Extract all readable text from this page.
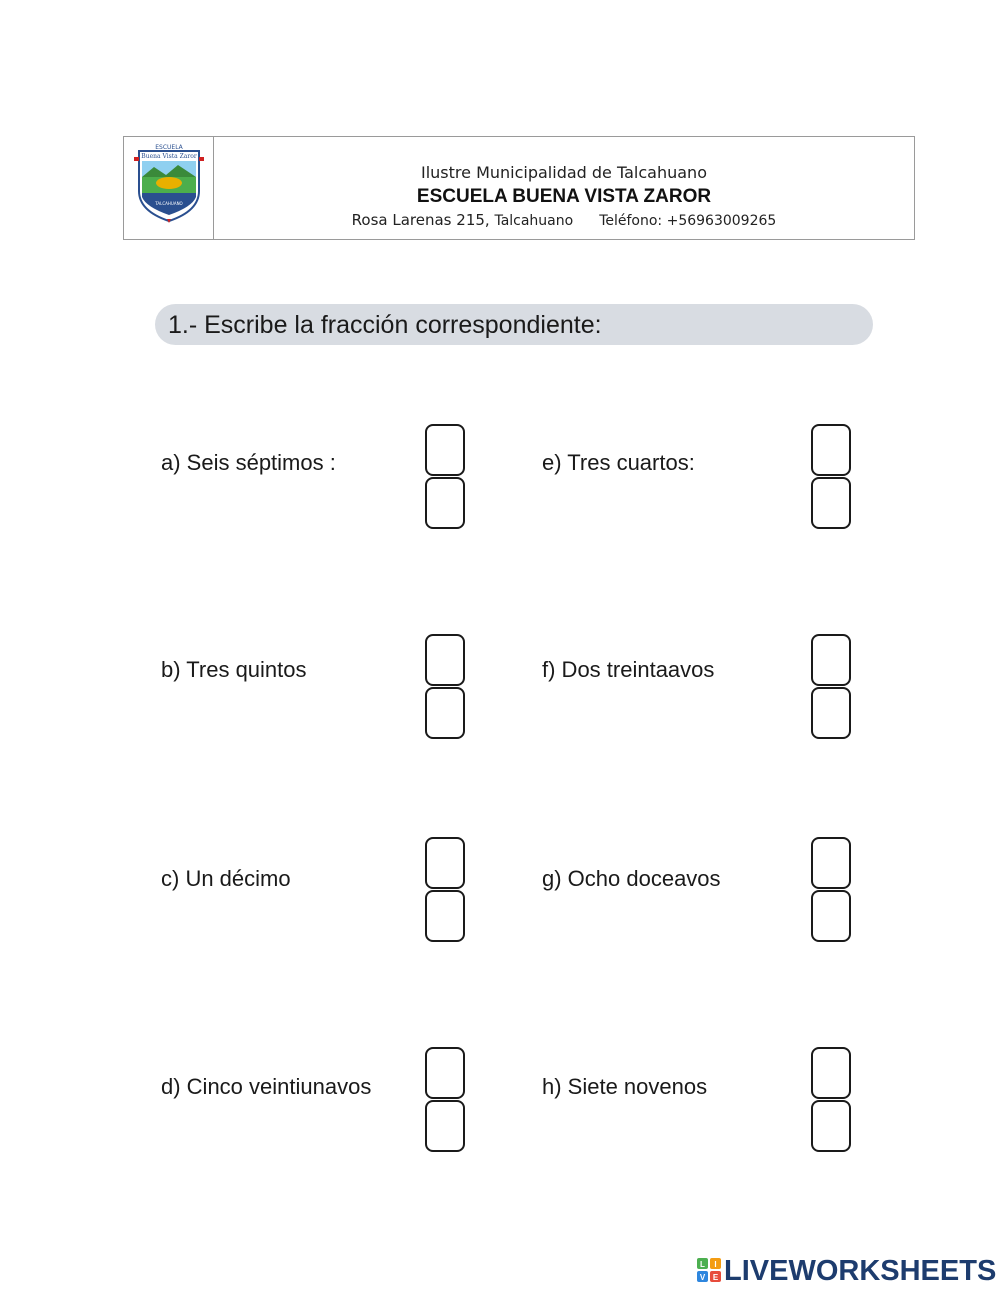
ESCUELA
Buena Vista Zaror
TALCAHUANO
Ilustre Municipalidad de Talcahuano
ESCUELA BUENA VISTA ZAROR
Rosa Larenas 215, Talcahuano Teléfono: +56963009265
1.- Escribe la fracción correspondiente:
a) Seis séptimos :
b) Tres quintos
c) Un décimo
d) Cinco veintiunavos
e) Tres cuartos:
f) Dos treintaavos
g) Ocho doceavos
h) Siete novenos
L I
V E LIVEWORKSHEETS
